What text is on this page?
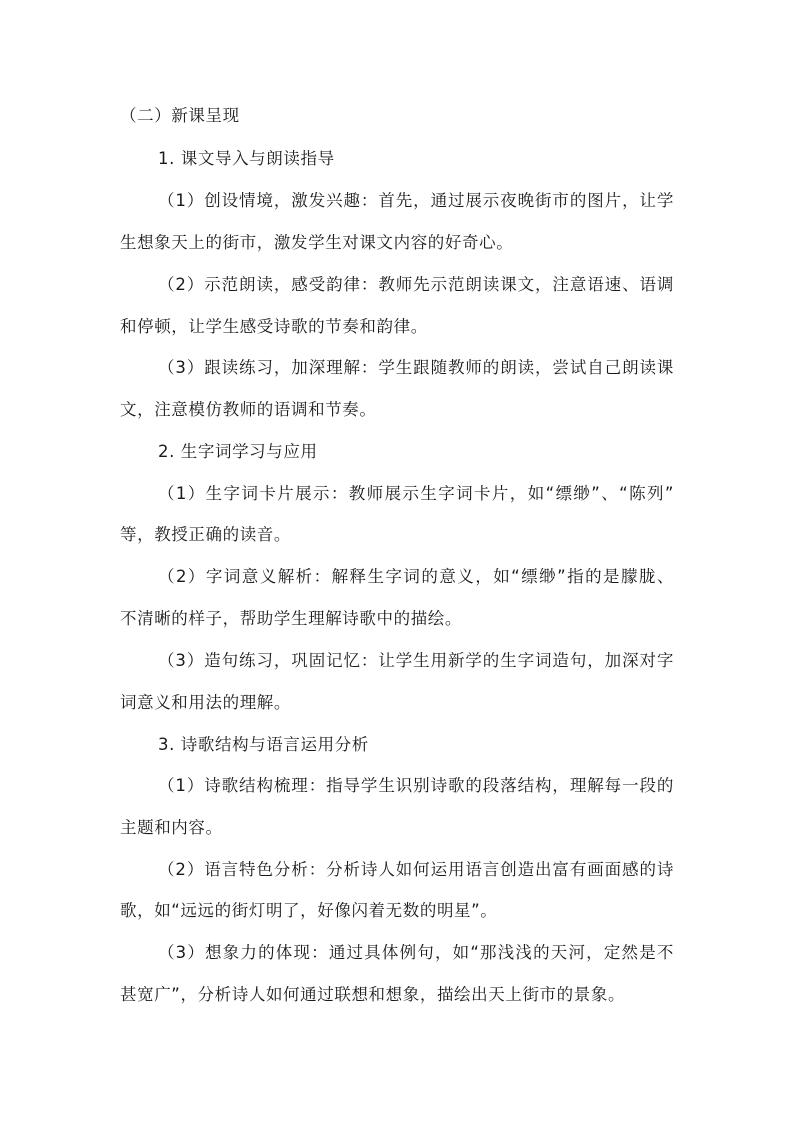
（二）新课呈现
1. 课文导入与朗读指导
（1）创设情境，激发兴趣：首先，通过展示夜晚街市的图片，让学
生想象天上的街市，激发学生对课文内容的好奇心。
（2）示范朗读，感受韵律：教师先示范朗读课文，注意语速、语调
和停顿，让学生感受诗歌的节奏和韵律。
（3）跟读练习，加深理解：学生跟随教师的朗读，尝试自己朗读课
文，注意模仿教师的语调和节奏。
2. 生字词学习与应用
（1）生字词卡片展示：教师展示生字词卡片，如“缥缈”、“陈列”
等，教授正确的读音。
（2）字词意义解析：解释生字词的意义，如“缥缈”指的是朦胧、
不清晰的样子，帮助学生理解诗歌中的描绘。
（3）造句练习，巩固记忆：让学生用新学的生字词造句，加深对字
词意义和用法的理解。
3. 诗歌结构与语言运用分析
（1）诗歌结构梳理：指导学生识别诗歌的段落结构，理解每一段的
主题和内容。
（2）语言特色分析：分析诗人如何运用语言创造出富有画面感的诗
歌，如“远远的街灯明了，好像闪着无数的明星”。
（3）想象力的体现：通过具体例句，如“那浅浅的天河，定然是不
甚宽广”，分析诗人如何通过联想和想象，描绘出天上街市的景象。
